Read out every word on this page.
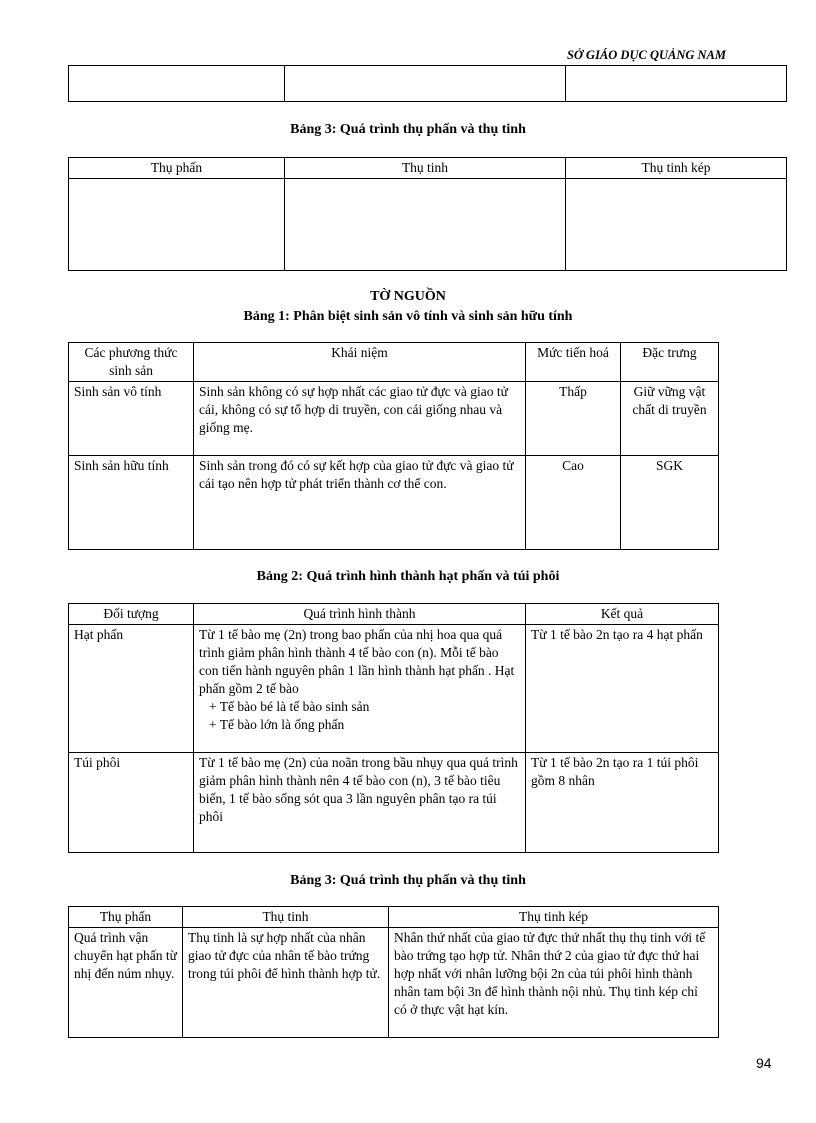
SỞ GIÁO DỤC QUẢNG NAM

Bảng 3: Quá trình thụ phấn và thụ tinh
Thụ phấn	Thụ tinh	Thụ tinh kép

TỜ NGUỒN
Bảng 1: Phân biệt sinh sản vô tính và sinh sản hữu tính
Các phương thức sinh sản	Khái niệm	Mức tiến hoá	Đặc trưng
Sinh sản vô tính	Sinh sản không có sự hợp nhất các giao tử đực và giao tử cái, không có sự tổ hợp di truyền, con cái giống nhau và giống mẹ.	Thấp	Giữ vững vật chất di truyền
Sinh sản hữu tính	Sinh sản trong đó có sự kết hợp của giao tử đực và giao tử cái tạo nên hợp tử phát triển thành cơ thể con.	Cao	SGK
Bảng 2: Quá trình hình thành hạt phấn và túi phôi
Đối tượng	Quá trình hình thành	Kết quả
Hạt phấn	Từ 1 tế bào mẹ (2n) trong bao phấn của nhị hoa qua quá trình giảm phân hình thành 4 tế bào con (n). Mỗi tế bào con tiến hành nguyên phân 1 lần hình thành hạt phấn . Hạt phấn gồm 2 tế bào
+ Tế bào bé là tế bào sinh sản
+ Tế bào lớn là ống phấn	Từ 1 tế bào 2n tạo ra 4 hạt phấn
Túi phôi	Từ 1 tế bào mẹ (2n) của noãn trong bầu nhụy qua quá trình giảm phân hình thành nên 4 tế bào con (n), 3 tế bào tiêu biến, 1 tế bào sống sót qua 3 lần nguyên phân tạo ra túi phôi	Từ 1 tế bào 2n tạo ra 1 túi phôi gồm 8 nhân
Bảng 3: Quá trình thụ phấn và thụ tinh
Thụ phấn	Thụ tinh	Thụ tinh kép
Quá trình vận chuyển hạt phấn từ nhị đến núm nhụy.	Thụ tinh là sự hợp nhất của nhân giao tử đực của nhân tế bào trứng trong túi phôi để hình thành hợp tử.	Nhân thứ nhất của giao tử đực thứ nhất thụ thụ tinh với tế bào trứng tạo hợp tử. Nhân thứ 2 của giao tử đực thứ hai hợp nhất với nhân lưỡng bội 2n của túi phôi hình thành nhân tam bội 3n để hình thành nội nhủ. Thụ tinh kép chỉ có ở thực vật hạt kín.
94
